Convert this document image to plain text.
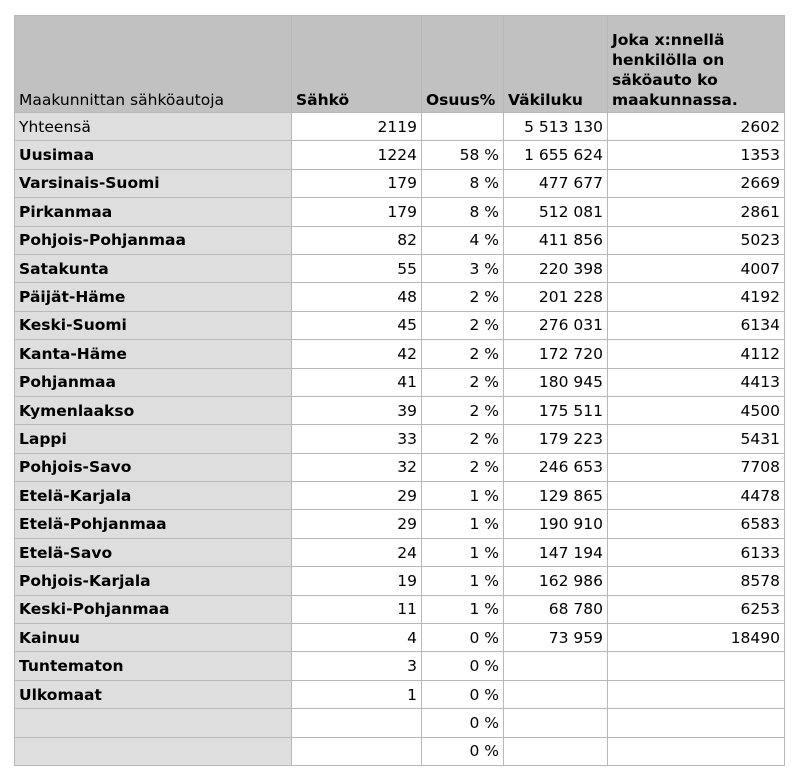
Maakunnittan sähköautoja	Sähkö	Osuus%	Väkiluku	Joka x:nnellä henkilölla on säköauto ko maakunnassa.
Yhteensä	2119		5 513 130	2602
Uusimaa	1224	58 %	1 655 624	1353
Varsinais-Suomi	179	8 %	477 677	2669
Pirkanmaa	179	8 %	512 081	2861
Pohjois-Pohjanmaa	82	4 %	411 856	5023
Satakunta	55	3 %	220 398	4007
Päijät-Häme	48	2 %	201 228	4192
Keski-Suomi	45	2 %	276 031	6134
Kanta-Häme	42	2 %	172 720	4112
Pohjanmaa	41	2 %	180 945	4413
Kymenlaakso	39	2 %	175 511	4500
Lappi	33	2 %	179 223	5431
Pohjois-Savo	32	2 %	246 653	7708
Etelä-Karjala	29	1 %	129 865	4478
Etelä-Pohjanmaa	29	1 %	190 910	6583
Etelä-Savo	24	1 %	147 194	6133
Pohjois-Karjala	19	1 %	162 986	8578
Keski-Pohjanmaa	11	1 %	68 780	6253
Kainuu	4	0 %	73 959	18490
Tuntematon	3	0 %		
Ulkomaat	1	0 %		
		0 %		
		0 %		
